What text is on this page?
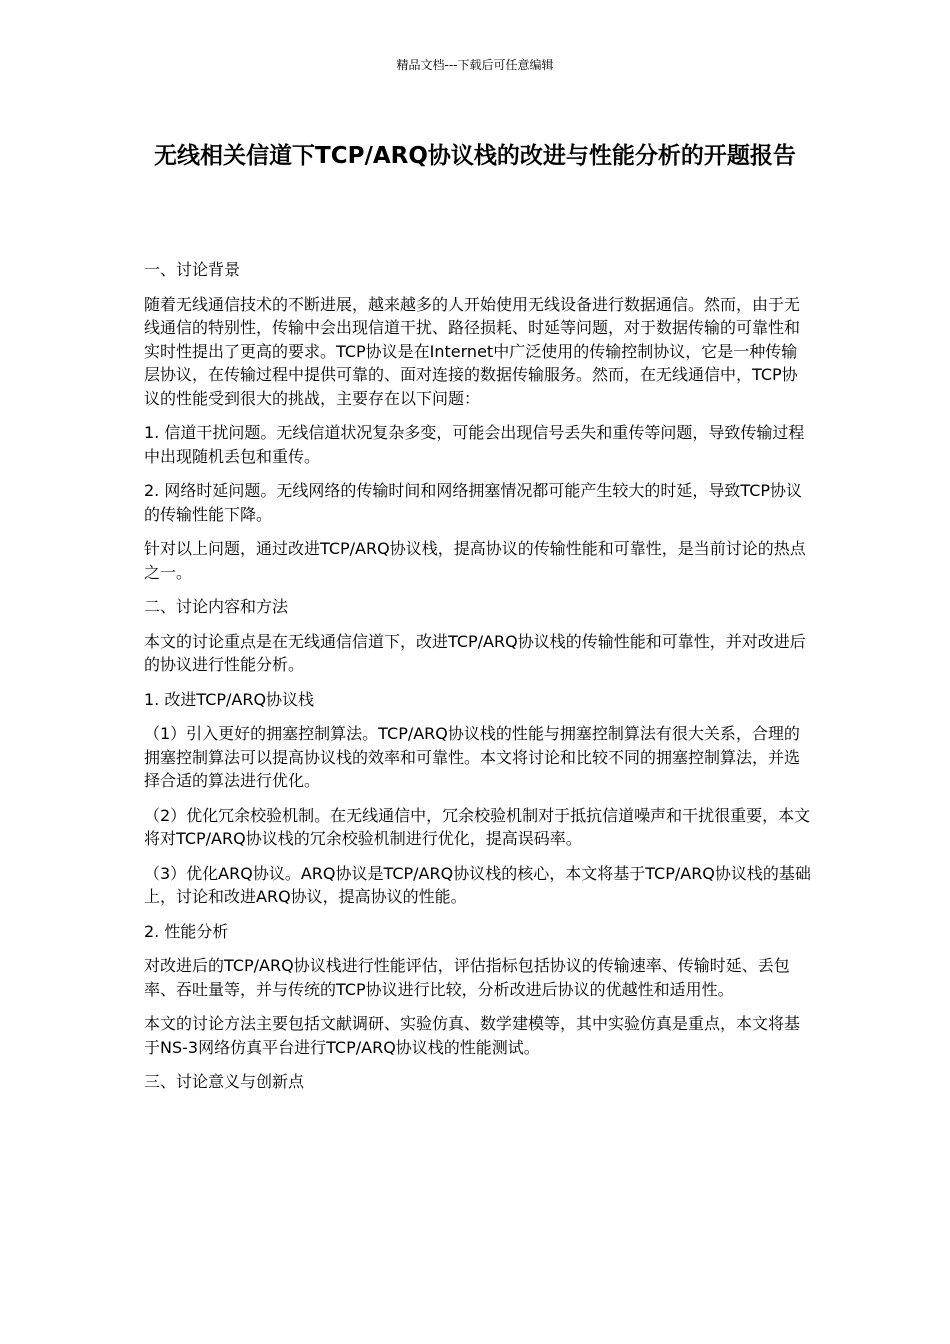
精品文档---下载后可任意编辑
无线相关信道下TCP/ARQ协议栈的改进与性能分析的开题报告

一、讨论背景

随着无线通信技术的不断进展，越来越多的人开始使用无线设备进行数据通信。然而，由于无线通信的特别性，传输中会出现信道干扰、路径损耗、时延等问题，对于数据传输的可靠性和实时性提出了更高的要求。TCP协议是在Internet中广泛使用的传输控制协议，它是一种传输层协议，在传输过程中提供可靠的、面对连接的数据传输服务。然而，在无线通信中，TCP协议的性能受到很大的挑战，主要存在以下问题：

1. 信道干扰问题。无线信道状况复杂多变，可能会出现信号丢失和重传等问题，导致传输过程中出现随机丢包和重传。

2. 网络时延问题。无线网络的传输时间和网络拥塞情况都可能产生较大的时延，导致TCP协议的传输性能下降。

针对以上问题，通过改进TCP/ARQ协议栈，提高协议的传输性能和可靠性，是当前讨论的热点之一。

二、讨论内容和方法

本文的讨论重点是在无线通信信道下，改进TCP/ARQ协议栈的传输性能和可靠性，并对改进后的协议进行性能分析。

1. 改进TCP/ARQ协议栈

（1）引入更好的拥塞控制算法。TCP/ARQ协议栈的性能与拥塞控制算法有很大关系，合理的拥塞控制算法可以提高协议栈的效率和可靠性。本文将讨论和比较不同的拥塞控制算法，并选择合适的算法进行优化。

（2）优化冗余校验机制。在无线通信中，冗余校验机制对于抵抗信道噪声和干扰很重要，本文将对TCP/ARQ协议栈的冗余校验机制进行优化，提高误码率。

（3）优化ARQ协议。ARQ协议是TCP/ARQ协议栈的核心，本文将基于TCP/ARQ协议栈的基础上，讨论和改进ARQ协议，提高协议的性能。

2. 性能分析

对改进后的TCP/ARQ协议栈进行性能评估，评估指标包括协议的传输速率、传输时延、丢包率、吞吐量等，并与传统的TCP协议进行比较，分析改进后协议的优越性和适用性。

本文的讨论方法主要包括文献调研、实验仿真、数学建模等，其中实验仿真是重点，本文将基于NS-3网络仿真平台进行TCP/ARQ协议栈的性能测试。

三、讨论意义与创新点
